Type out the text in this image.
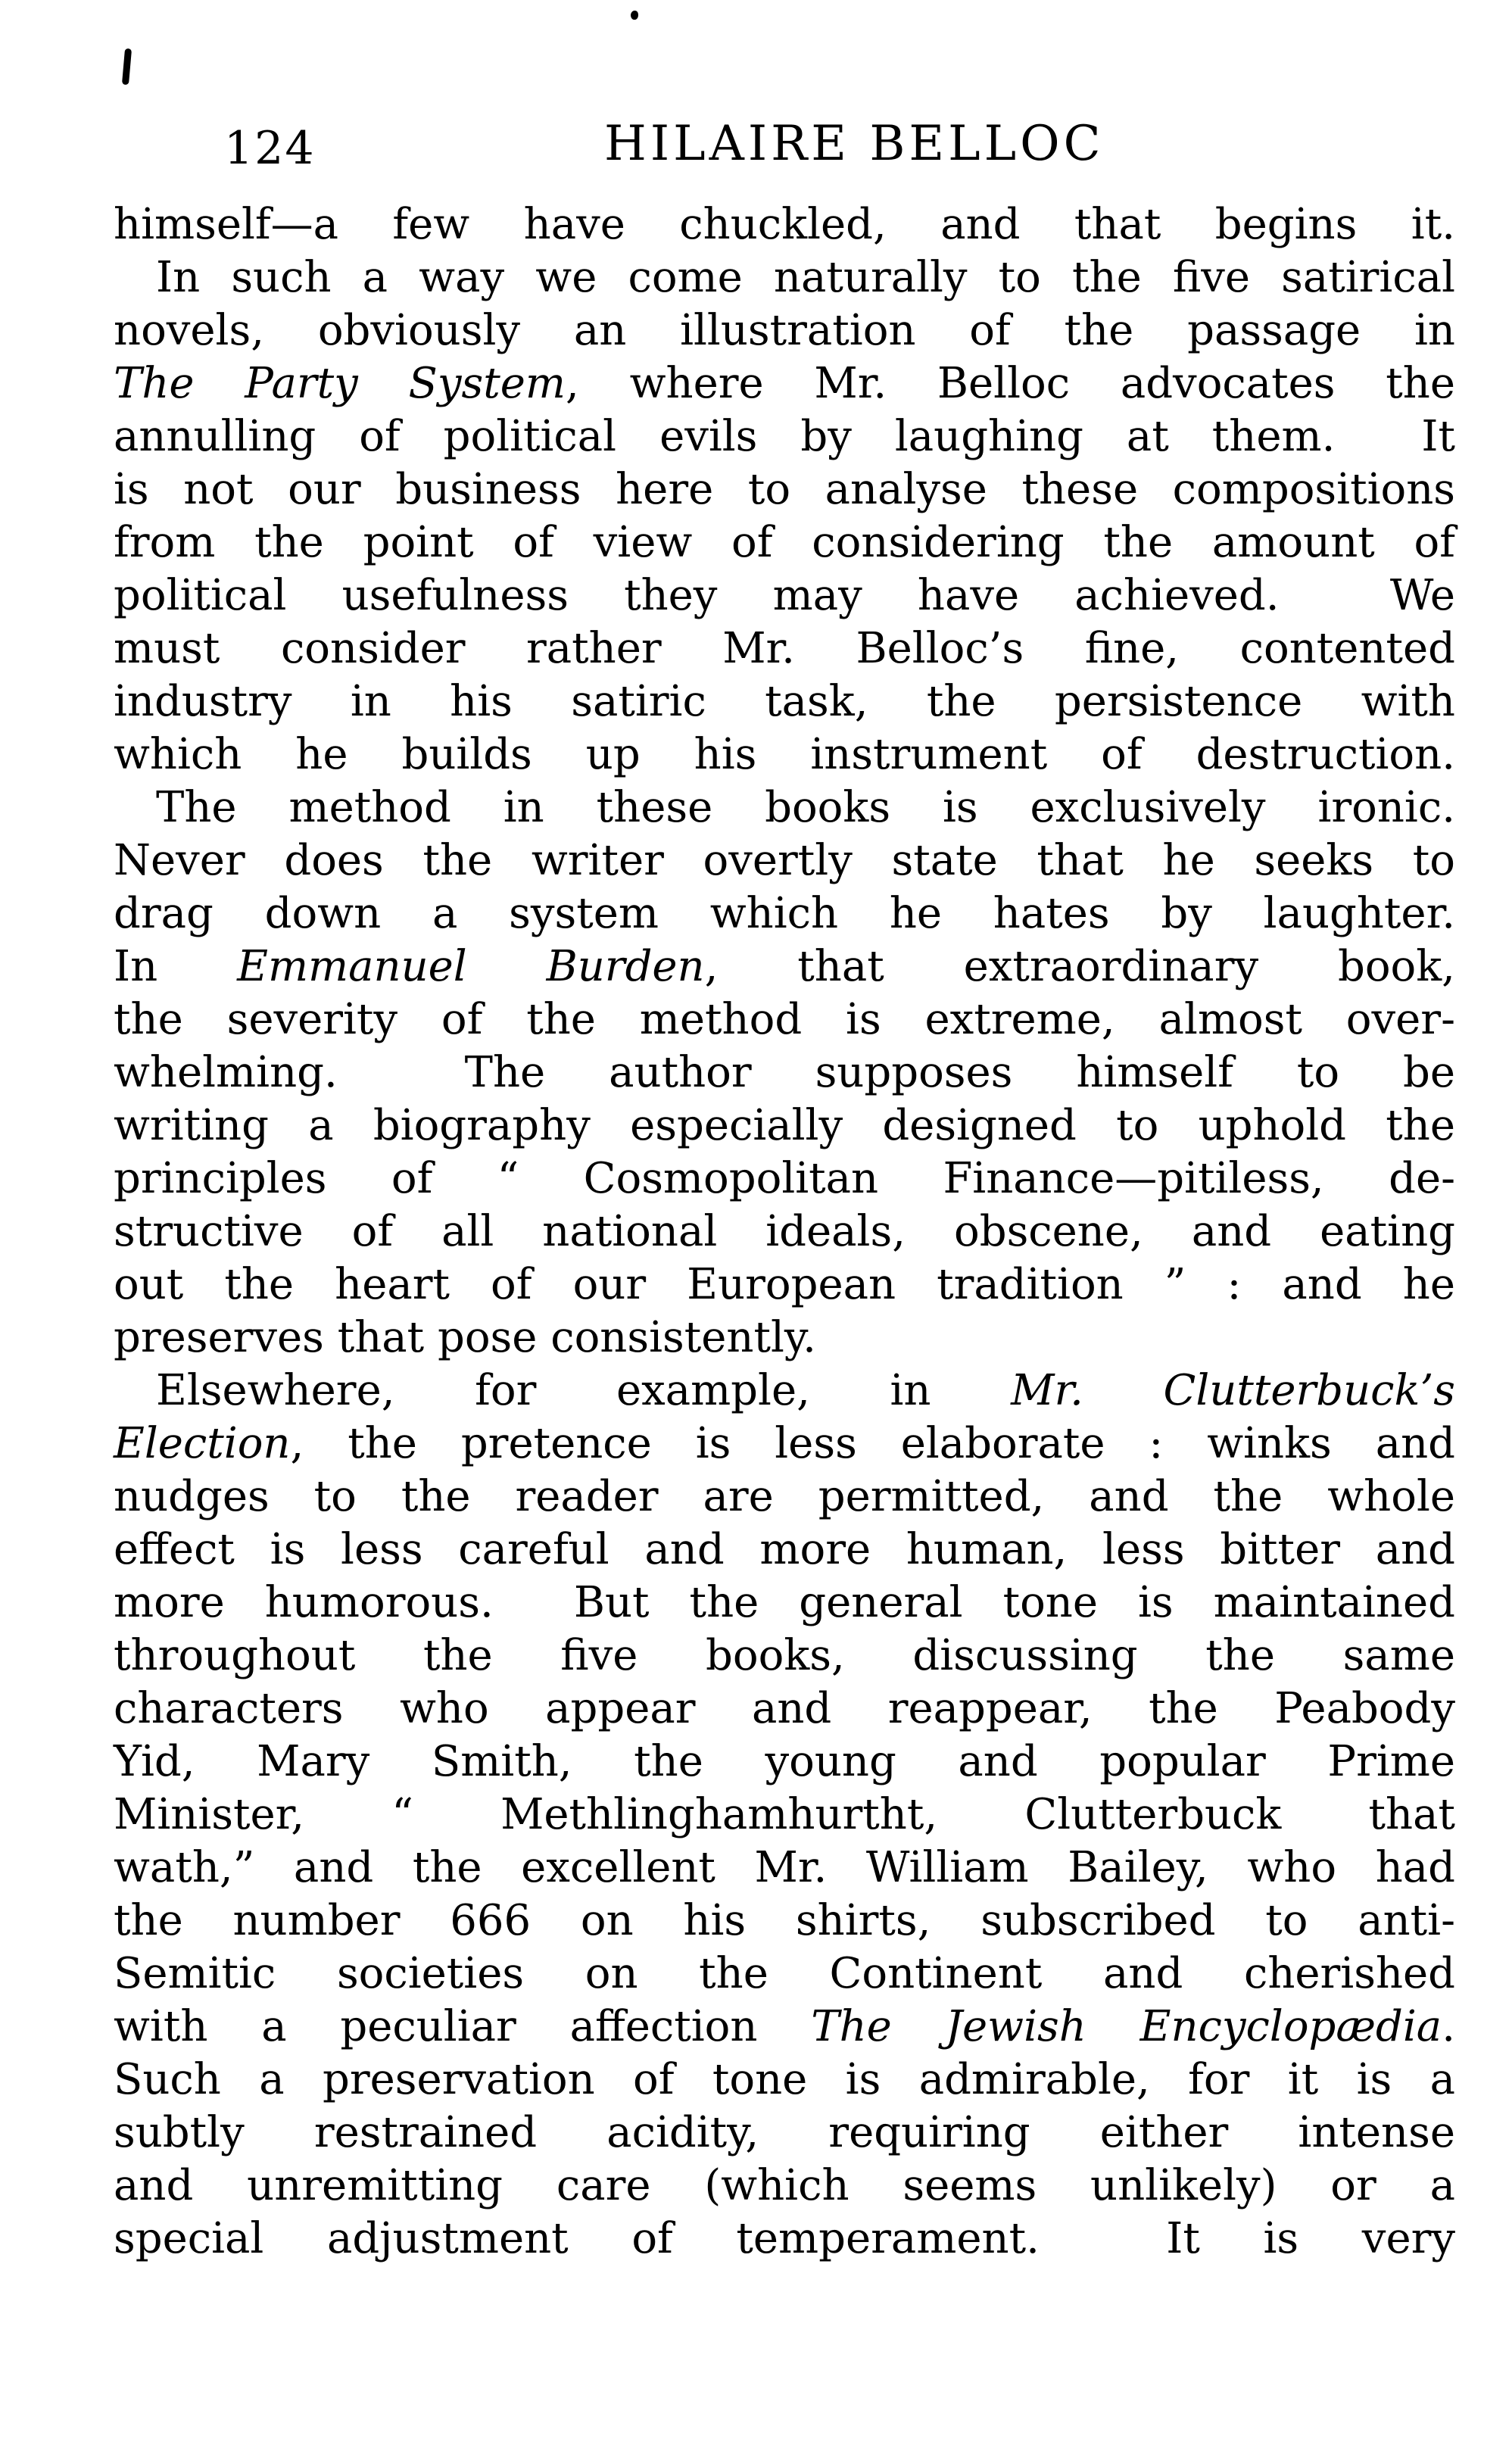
124	HILAIRE BELLOC
himself—a few have chuckled, and that begins it.
In such a way we come naturally to the five satirical
novels, obviously an illustration of the passage in
The Party System, where Mr. Belloc advocates the
annulling of political evils by laughing at them.  It
is not our business here to analyse these compositions
from the point of view of considering the amount of
political usefulness they may have achieved.  We
must consider rather Mr. Belloc’s fine, contented
industry in his satiric task, the persistence with
which he builds up his instrument of destruction.
The method in these books is exclusively ironic.
Never does the writer overtly state that he seeks to
drag down a system which he hates by laughter.
In Emmanuel Burden, that extraordinary book,
the severity of the method is extreme, almost over-
whelming.  The author supposes himself to be
writing a biography especially designed to uphold the
principles of “ Cosmopolitan Finance—pitiless, de-
structive of all national ideals, obscene, and eating
out the heart of our European tradition ” : and he
preserves that pose consistently.
Elsewhere, for example, in Mr. Clutterbuck’s
Election, the pretence is less elaborate : winks and
nudges to the reader are permitted, and the whole
effect is less careful and more human, less bitter and
more humorous.  But the general tone is maintained
throughout the five books, discussing the same
characters who appear and reappear, the Peabody
Yid, Mary Smith, the young and popular Prime
Minister, “ Methlinghamhurtht, Clutterbuck that
wath,” and the excellent Mr. William Bailey, who had
the number 666 on his shirts, subscribed to anti-
Semitic societies on the Continent and cherished
with a peculiar affection The Jewish Encyclopædia.
Such a preservation of tone is admirable, for it is a
subtly restrained acidity, requiring either intense
and unremitting care (which seems unlikely) or a
special adjustment of temperament.  It is very
